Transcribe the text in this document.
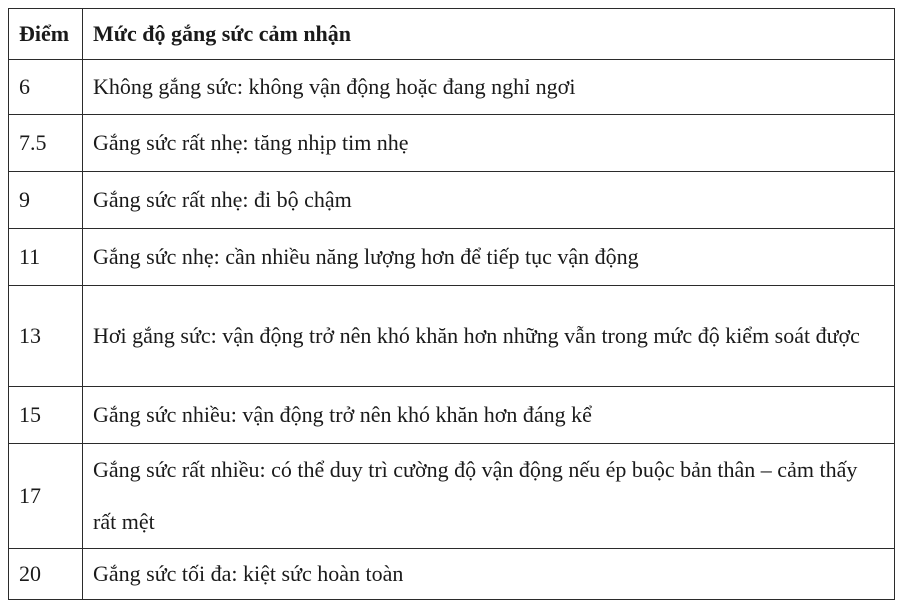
Điểm	Mức độ gắng sức cảm nhận
6	Không gắng sức: không vận động hoặc đang nghỉ ngơi
7.5	Gắng sức rất nhẹ: tăng nhịp tim nhẹ
9	Gắng sức rất nhẹ: đi bộ chậm
11	Gắng sức nhẹ: cần nhiều năng lượng hơn để tiếp tục vận động
13	Hơi gắng sức: vận động trở nên khó khăn hơn những vẫn trong mức độ kiểm soát được
15	Gắng sức nhiều: vận động trở nên khó khăn hơn đáng kể
17	Gắng sức rất nhiều: có thể duy trì cường độ vận động nếu ép buộc bản thân – cảm thấy rất mệt
20	Gắng sức tối đa: kiệt sức hoàn toàn
